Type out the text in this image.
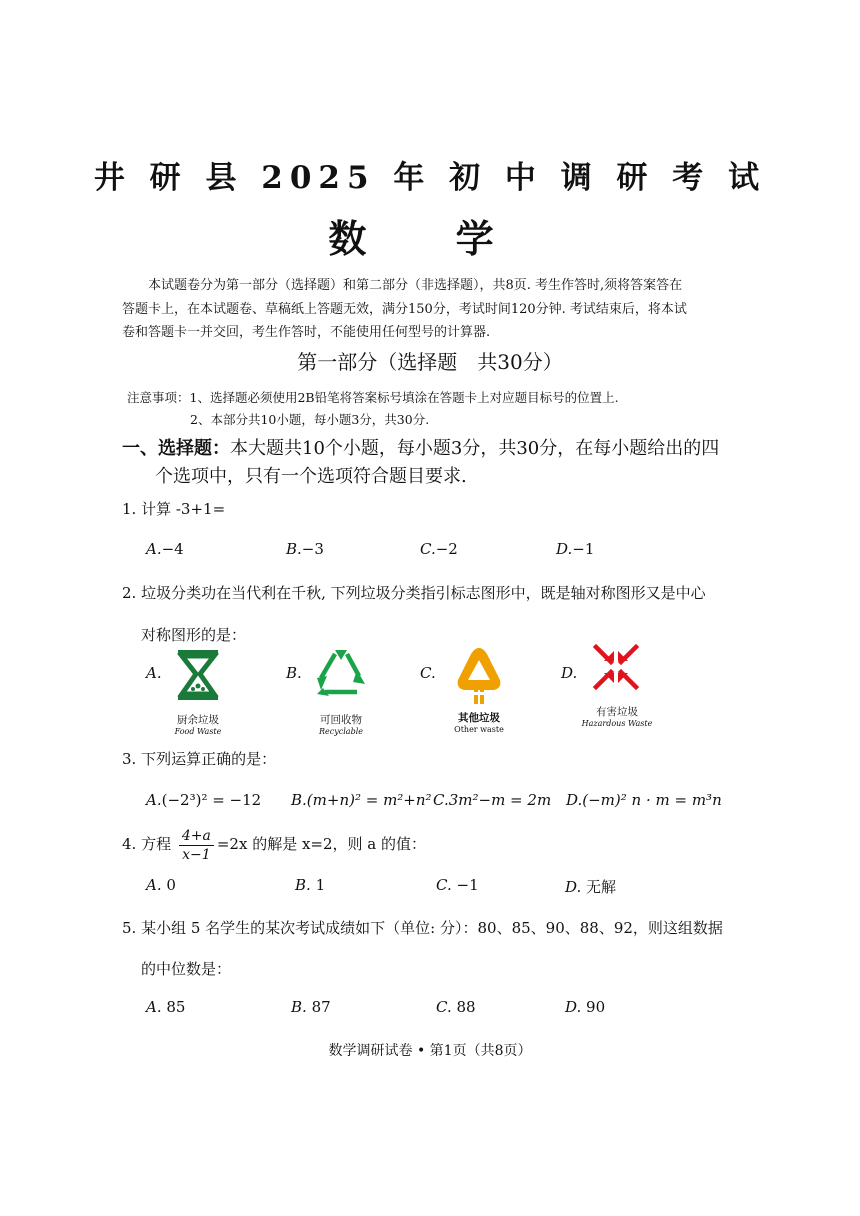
井 研 县 2025 年 初 中 调 研 考 试
数 学
本试题卷分为第一部分（选择题）和第二部分（非选择题），共8页. 考生作答时,须将答案答在
答题卡上，在本试题卷、草稿纸上答题无效，满分150分，考试时间120分钟. 考试结束后，将本试
卷和答题卡一并交回，考生作答时，不能使用任何型号的计算器.
第一部分（选择题　共30分）
注意事项：1、选择题必须使用2B铅笔将答案标号填涂在答题卡上对应题目标号的位置上.
2、本部分共10小题，每小题3分，共30分.
一、选择题：本大题共10个小题，每小题3分，共30分，在每小题给出的四
个选项中，只有一个选项符合题目要求.
1. 计算 -3+1=
A.−4	B.−3	C.−2	D.−1
2. 垃圾分类功在当代利在千秋, 下列垃圾分类指引标志图形中，既是轴对称图形又是中心
对称图形的是：
A.
厨余垃圾
Food Waste
B.
可回收物
Recyclable
C.
其他垃圾
Other waste
D.
有害垃圾
Hazardous Waste
3. 下列运算正确的是：
A.(−2³)² = −12 B.(m+n)² = m²+n² C.3m²−m = 2m D.(−m)² n · m = m³n
4. 方程 $\frac{4+a}{x-1} =2x$ 的解是 x=2，则 a 的值：
A. 0	B. 1	C. −1	D. 无解
5. 某小组 5 名学生的某次考试成绩如下（单位: 分）：80、85、90、88、92，则这组数据
的中位数是：
A. 85	B. 87	C. 88	D. 90
数学调研试卷 • 第1页（共8页）
